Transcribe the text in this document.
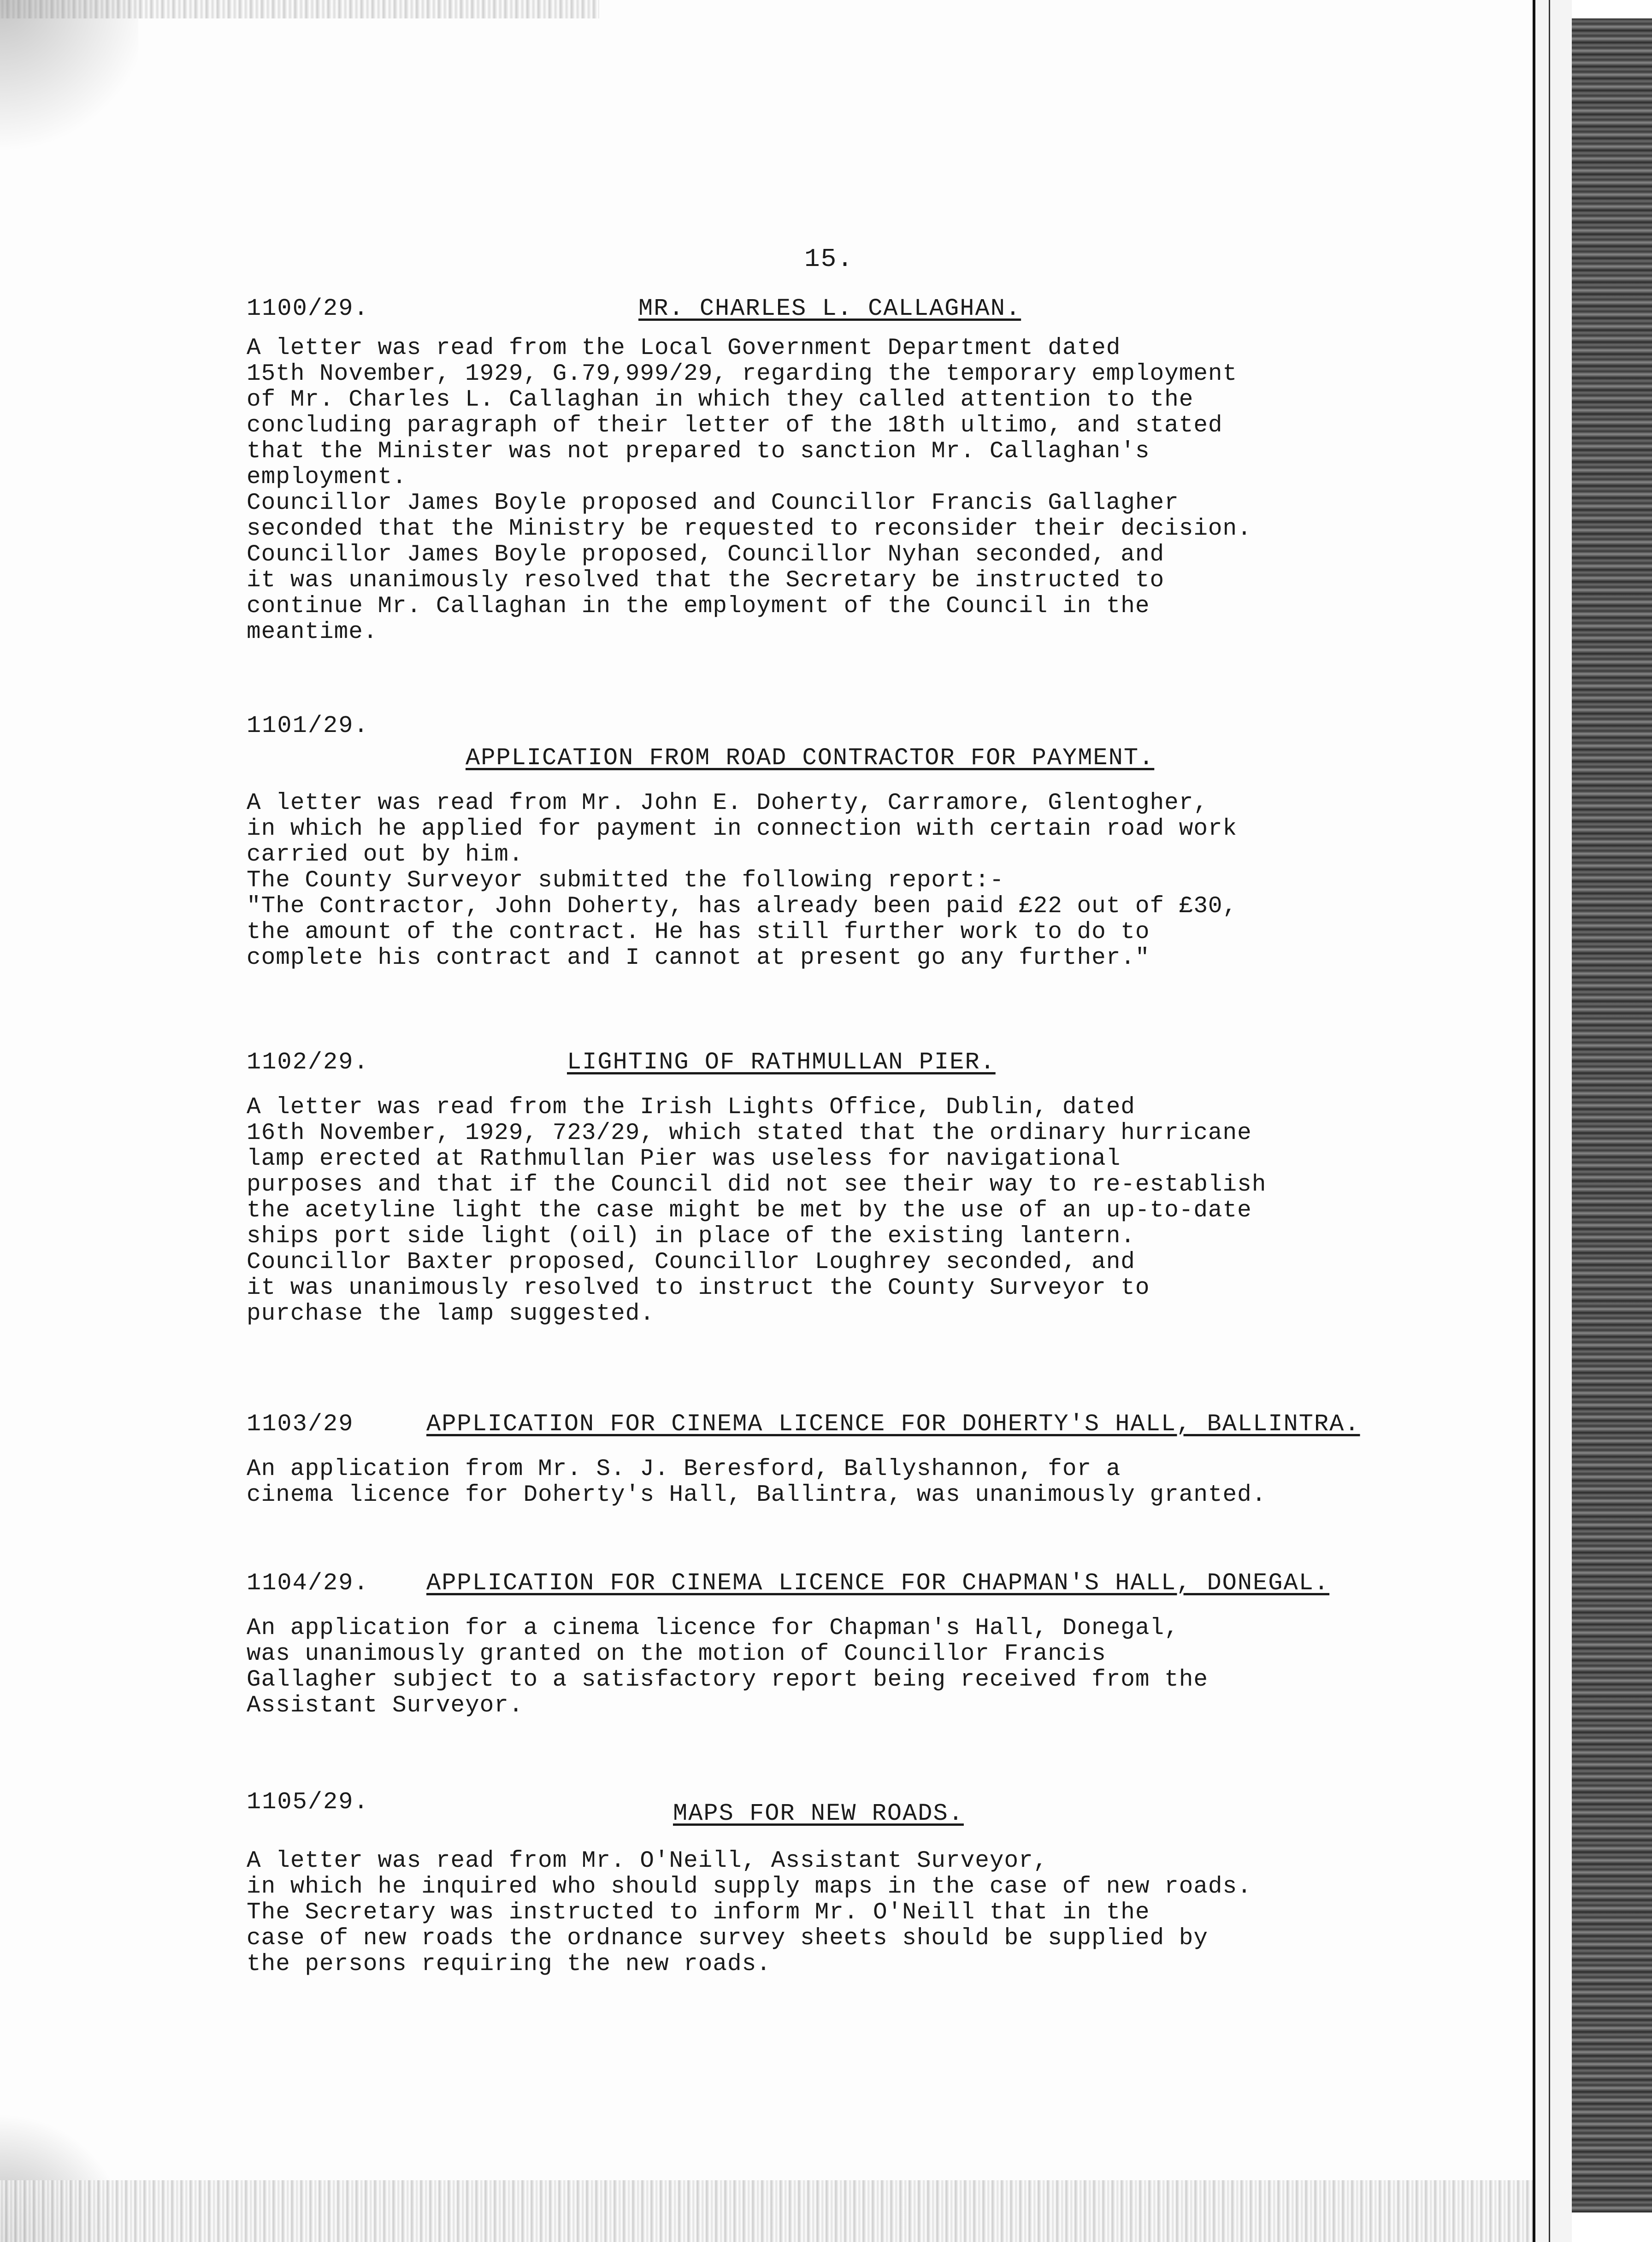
15.
1100/29.	MR. CHARLES L. CALLAGHAN.
A letter was read from the Local Government Department dated
15th November, 1929, G.79,999/29, regarding the temporary employment
of Mr. Charles L. Callaghan in which they called attention to the
concluding paragraph of their letter of the 18th ultimo, and stated
that the Minister was not prepared to sanction Mr. Callaghan's
employment.
Councillor James Boyle proposed and Councillor Francis Gallagher
seconded that the Ministry be requested to reconsider their decision.
Councillor James Boyle proposed, Councillor Nyhan seconded, and
it was unanimously resolved that the Secretary be instructed to
continue Mr. Callaghan in the employment of the Council in the
meantime.
1101/29.
APPLICATION FROM ROAD CONTRACTOR FOR PAYMENT.
A letter was read from Mr. John E. Doherty, Carramore, Glentogher,
in which he applied for payment in connection with certain road work
carried out by him.
The County Surveyor submitted the following report:-
"The Contractor, John Doherty, has already been paid £22 out of £30,
the amount of the contract. He has still further work to do to
complete his contract and I cannot at present go any further."
1102/29.	LIGHTING OF RATHMULLAN PIER.
A letter was read from the Irish Lights Office, Dublin, dated
16th November, 1929, 723/29, which stated that the ordinary hurricane
lamp erected at Rathmullan Pier was useless for navigational
purposes and that if the Council did not see their way to re-establish
the acetyline light the case might be met by the use of an up-to-date
ships port side light (oil) in place of the existing lantern.
Councillor Baxter proposed, Councillor Loughrey seconded, and
it was unanimously resolved to instruct the County Surveyor to
purchase the lamp suggested.
1103/29	APPLICATION FOR CINEMA LICENCE FOR DOHERTY'S HALL, BALLINTRA.
An application from Mr. S. J. Beresford, Ballyshannon, for a
cinema licence for Doherty's Hall, Ballintra, was unanimously granted.
1104/29. APPLICATION FOR CINEMA LICENCE FOR CHAPMAN'S HALL, DONEGAL.
An application for a cinema licence for Chapman's Hall, Donegal,
was unanimously granted on the motion of Councillor Francis
Gallagher subject to a satisfactory report being received from the
Assistant Surveyor.
1105/29.	MAPS FOR NEW ROADS.
A letter was read from Mr. O'Neill, Assistant Surveyor,
in which he inquired who should supply maps in the case of new roads.
The Secretary was instructed to inform Mr. O'Neill that in the
case of new roads the ordnance survey sheets should be supplied by
the persons requiring the new roads.
